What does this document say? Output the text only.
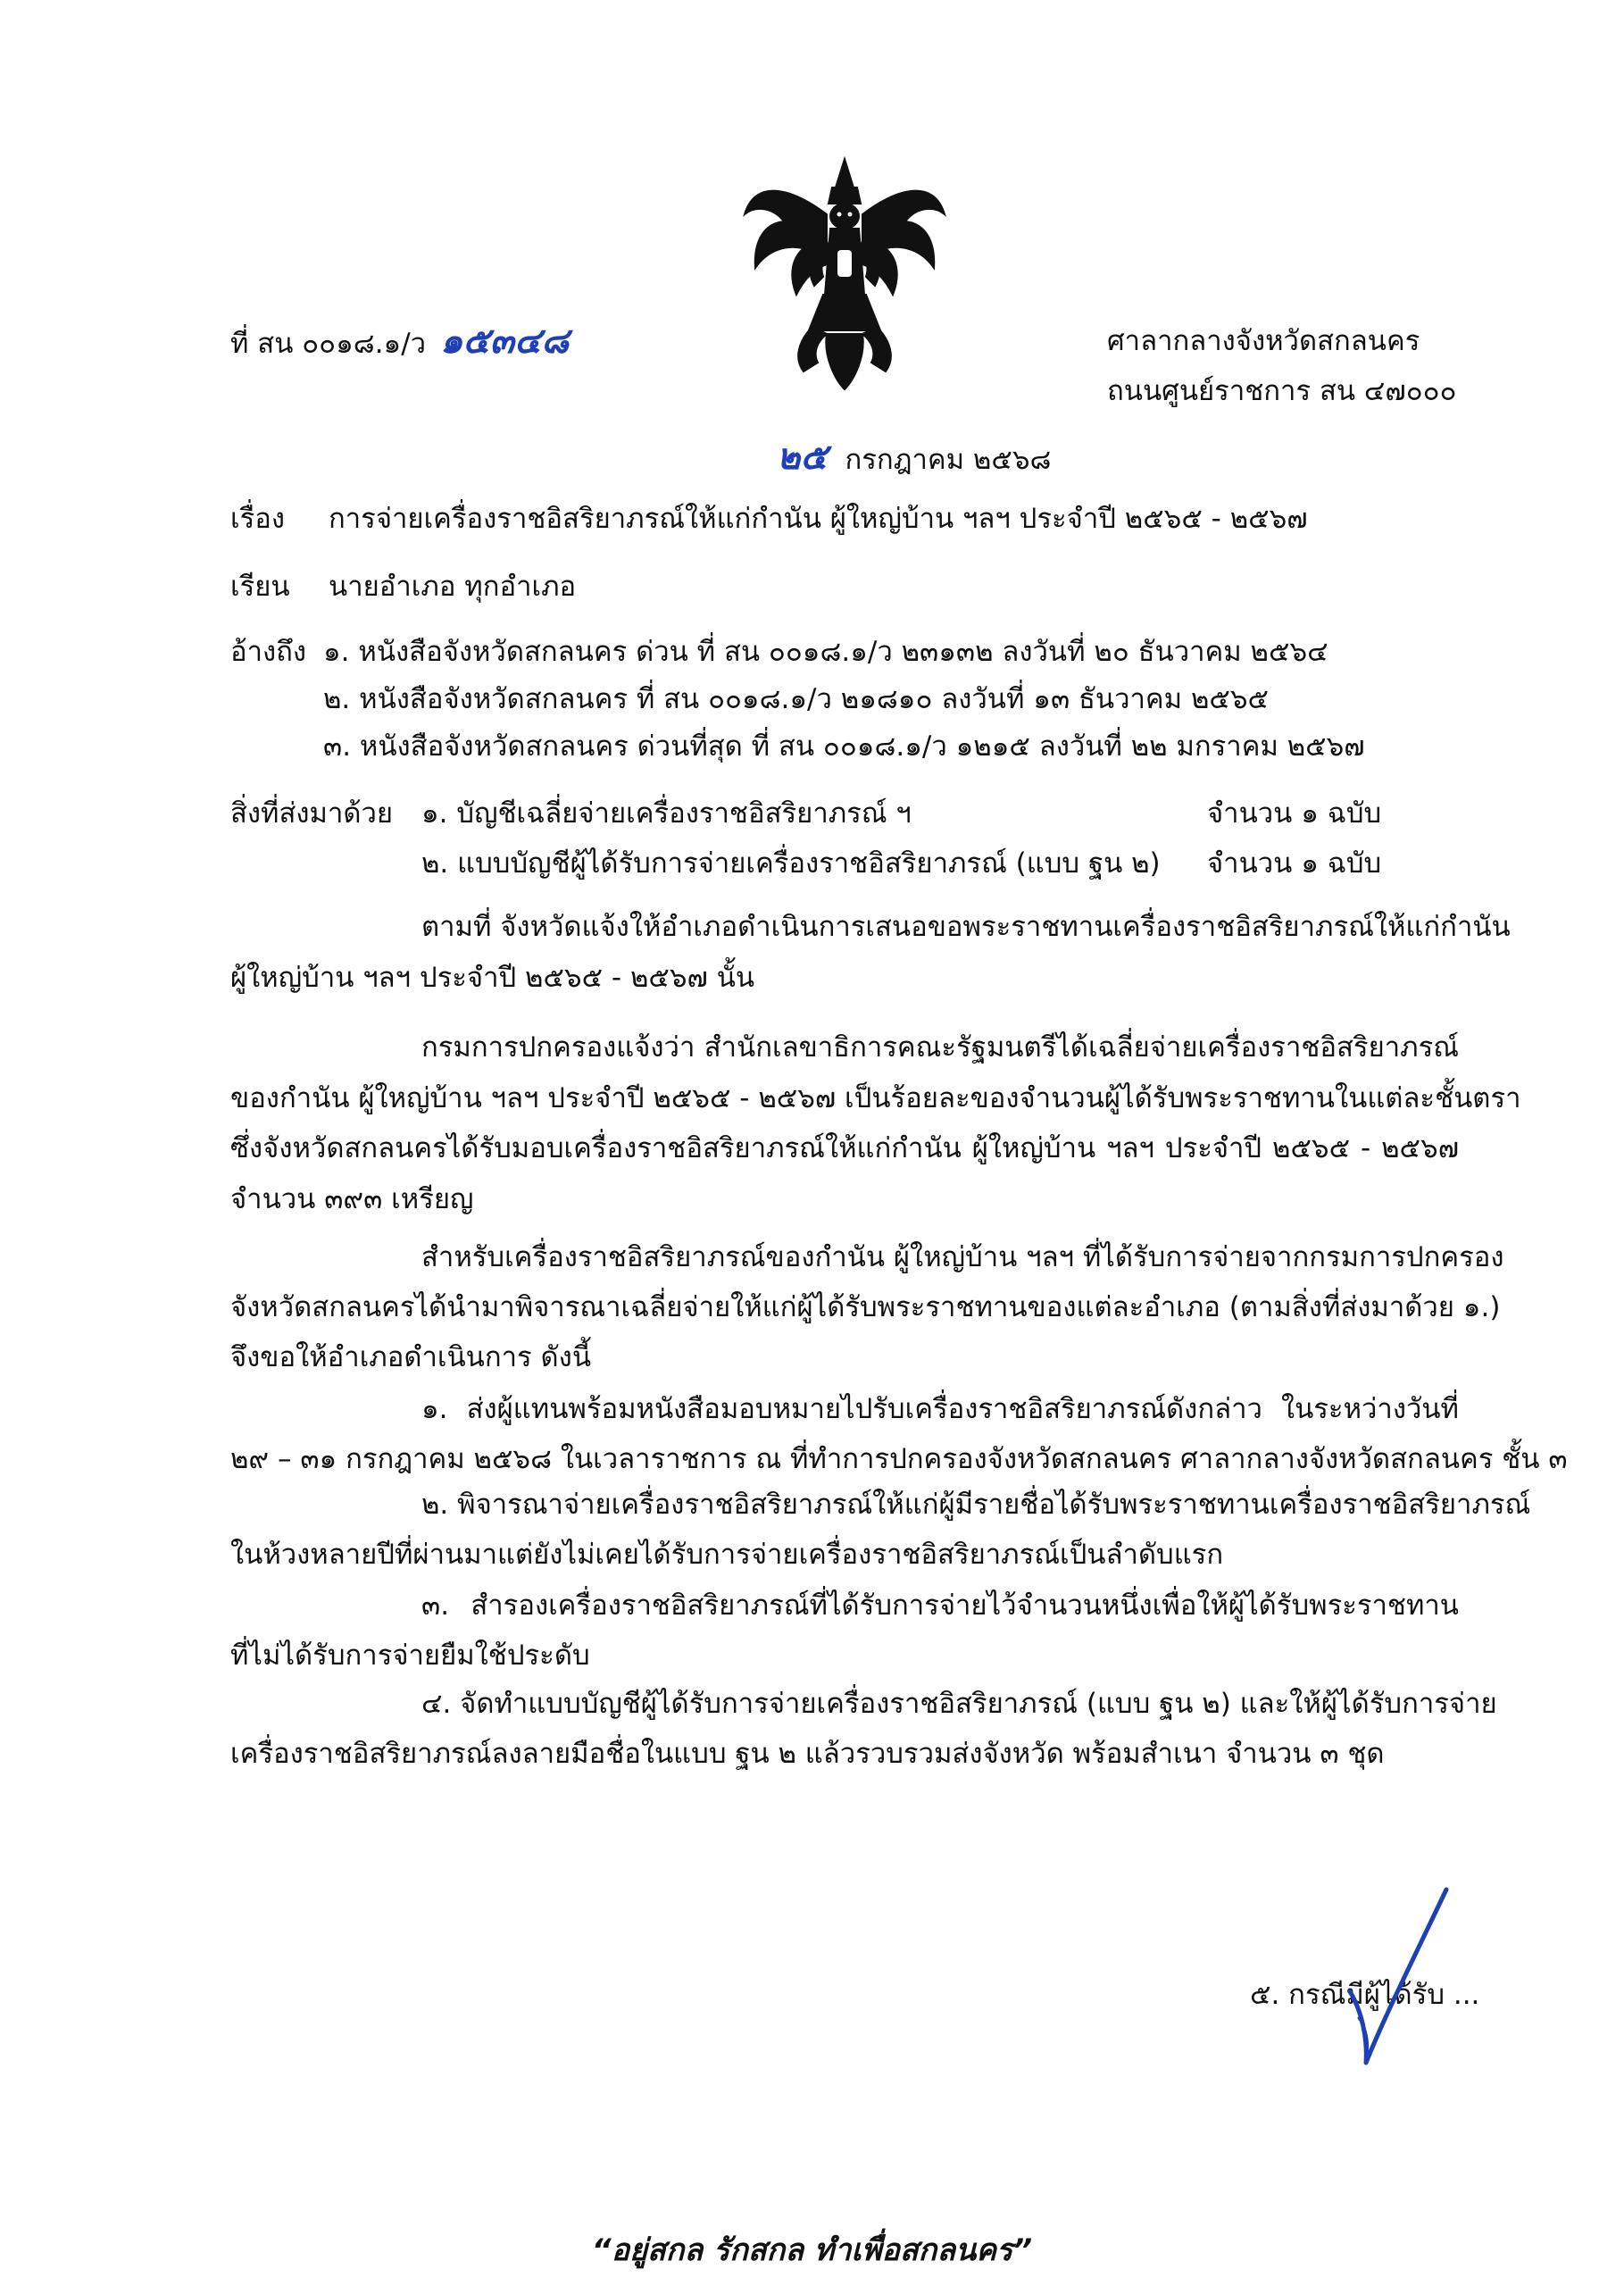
ที่ สน ๐๐๑๘.๑/ว ๑๕๓๔๘	ศาลากลางจังหวัดสกลนคร
ถนนศูนย์ราชการ สน ๔๗๐๐๐
๒๕ กรกฎาคม ๒๕๖๘
เรื่อง การจ่ายเครื่องราชอิสริยาภรณ์ให้แก่กำนัน ผู้ใหญ่บ้าน ฯลฯ ประจำปี ๒๕๖๕ - ๒๕๖๗
เรียน นายอำเภอ ทุกอำเภอ
อ้างถึง ๑. หนังสือจังหวัดสกลนคร ด่วน ที่ สน ๐๐๑๘.๑/ว ๒๓๑๓๒ ลงวันที่ ๒๐ ธันวาคม ๒๕๖๔
๒. หนังสือจังหวัดสกลนคร ที่ สน ๐๐๑๘.๑/ว ๒๑๘๑๐ ลงวันที่ ๑๓ ธันวาคม ๒๕๖๕
๓. หนังสือจังหวัดสกลนคร ด่วนที่สุด ที่ สน ๐๐๑๘.๑/ว ๑๒๑๕ ลงวันที่ ๒๒ มกราคม ๒๕๖๗
สิ่งที่ส่งมาด้วย ๑. บัญชีเฉลี่ยจ่ายเครื่องราชอิสริยาภรณ์ ฯ	จำนวน ๑ ฉบับ
๒. แบบบัญชีผู้ได้รับการจ่ายเครื่องราชอิสริยาภรณ์ (แบบ ฐน ๒) จำนวน ๑ ฉบับ
ตามที่ จังหวัดแจ้งให้อำเภอดำเนินการเสนอขอพระราชทานเครื่องราชอิสริยาภรณ์ให้แก่กำนัน
ผู้ใหญ่บ้าน ฯลฯ ประจำปี ๒๕๖๕ - ๒๕๖๗ นั้น
กรมการปกครองแจ้งว่า สำนักเลขาธิการคณะรัฐมนตรีได้เฉลี่ยจ่ายเครื่องราชอิสริยาภรณ์
ของกำนัน ผู้ใหญ่บ้าน ฯลฯ ประจำปี ๒๕๖๕ - ๒๕๖๗ เป็นร้อยละของจำนวนผู้ได้รับพระราชทานในแต่ละชั้นตรา
ซึ่งจังหวัดสกลนครได้รับมอบเครื่องราชอิสริยาภรณ์ให้แก่กำนัน ผู้ใหญ่บ้าน ฯลฯ ประจำปี ๒๕๖๕ - ๒๕๖๗
จำนวน ๓๙๓ เหรียญ
สำหรับเครื่องราชอิสริยาภรณ์ของกำนัน ผู้ใหญ่บ้าน ฯลฯ ที่ได้รับการจ่ายจากกรมการปกครอง
จังหวัดสกลนครได้นำมาพิจารณาเฉลี่ยจ่ายให้แก่ผู้ได้รับพระราชทานของแต่ละอำเภอ (ตามสิ่งที่ส่งมาด้วย ๑.)
จึงขอให้อำเภอดำเนินการ ดังนี้
๑. ส่งผู้แทนพร้อมหนังสือมอบหมายไปรับเครื่องราชอิสริยาภรณ์ดังกล่าว ในระหว่างวันที่
๒๙ – ๓๑ กรกฎาคม ๒๕๖๘ ในเวลาราชการ ณ ที่ทำการปกครองจังหวัดสกลนคร ศาลากลางจังหวัดสกลนคร ชั้น ๓
๒. พิจารณาจ่ายเครื่องราชอิสริยาภรณ์ให้แก่ผู้มีรายชื่อได้รับพระราชทานเครื่องราชอิสริยาภรณ์
ในห้วงหลายปีที่ผ่านมาแต่ยังไม่เคยได้รับการจ่ายเครื่องราชอิสริยาภรณ์เป็นลำดับแรก
๓. สำรองเครื่องราชอิสริยาภรณ์ที่ได้รับการจ่ายไว้จำนวนหนึ่งเพื่อให้ผู้ได้รับพระราชทาน
ที่ไม่ได้รับการจ่ายยืมใช้ประดับ
๔. จัดทำแบบบัญชีผู้ได้รับการจ่ายเครื่องราชอิสริยาภรณ์ (แบบ ฐน ๒) และให้ผู้ได้รับการจ่าย
เครื่องราชอิสริยาภรณ์ลงลายมือชื่อในแบบ ฐน ๒ แล้วรวบรวมส่งจังหวัด พร้อมสำเนา จำนวน ๓ ชุด
๕. กรณีมีผู้ได้รับ ...
“อยู่สกล รักสกล ทำเพื่อสกลนคร”
